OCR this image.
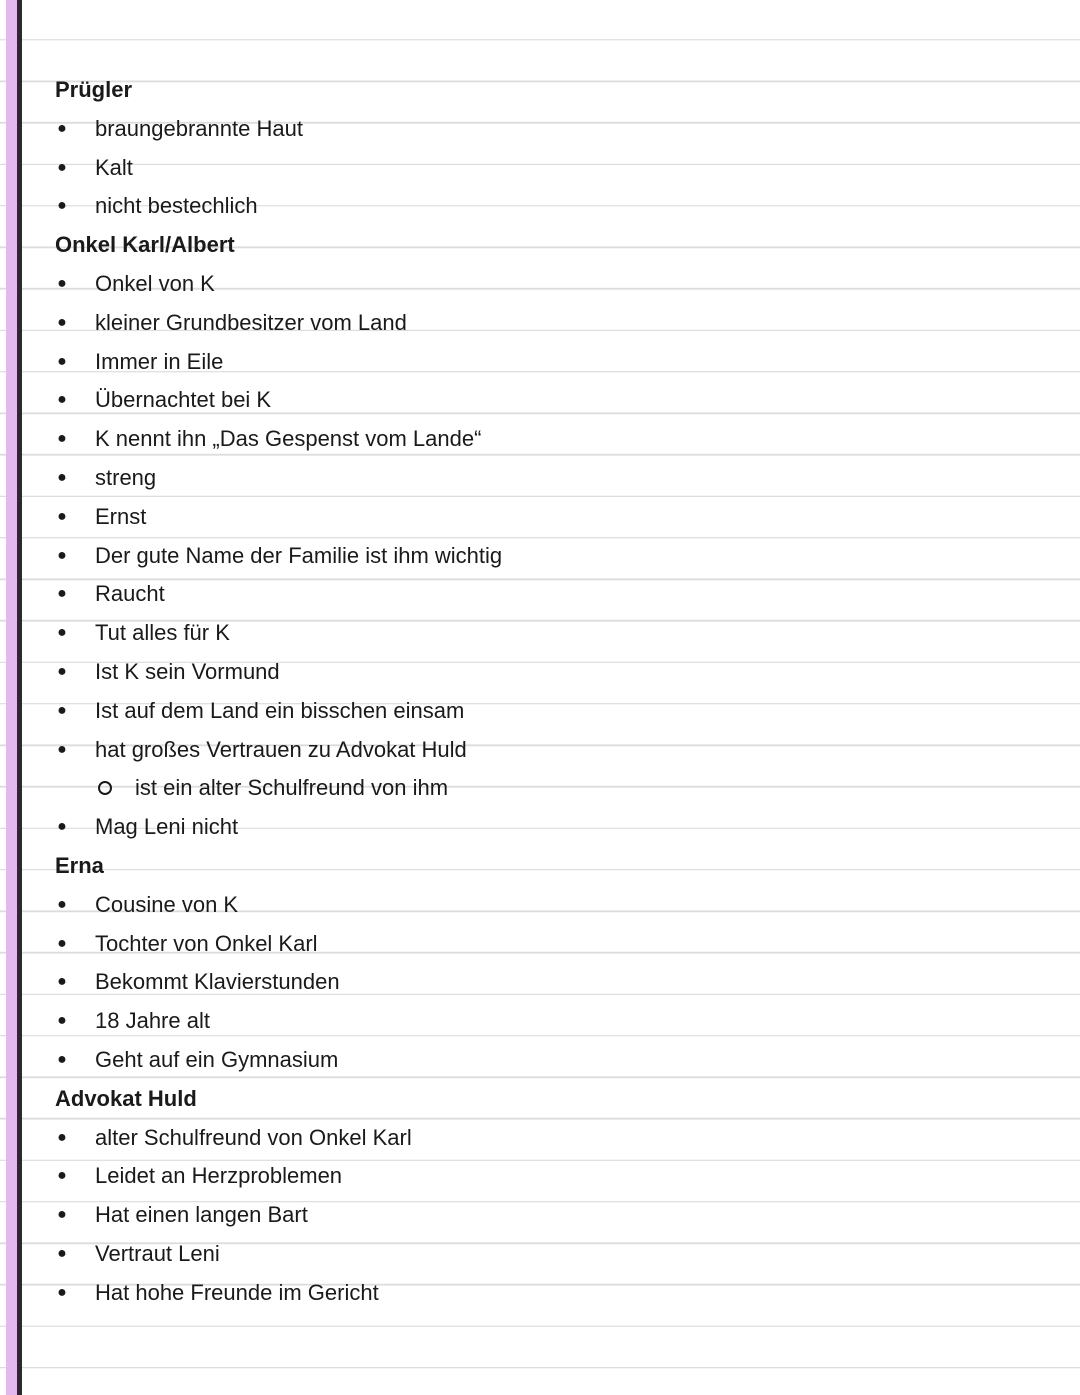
Prügler
● braungebrannte Haut
● Kalt
● nicht bestechlich
Onkel Karl/Albert
● Onkel von K
● kleiner Grundbesitzer vom Land
● Immer in Eile
● Übernachtet bei K
● K nennt ihn „Das Gespenst vom Lande“
● streng
● Ernst
● Der gute Name der Familie ist ihm wichtig
● Raucht
● Tut alles für K
● Ist K sein Vormund
● Ist auf dem Land ein bisschen einsam
● hat großes Vertrauen zu Advokat Huld
ist ein alter Schulfreund von ihm
● Mag Leni nicht
Erna
● Cousine von K
● Tochter von Onkel Karl
● Bekommt Klavierstunden
● 18 Jahre alt
● Geht auf ein Gymnasium
Advokat Huld
● alter Schulfreund von Onkel Karl
● Leidet an Herzproblemen
● Hat einen langen Bart
● Vertraut Leni
● Hat hohe Freunde im Gericht
